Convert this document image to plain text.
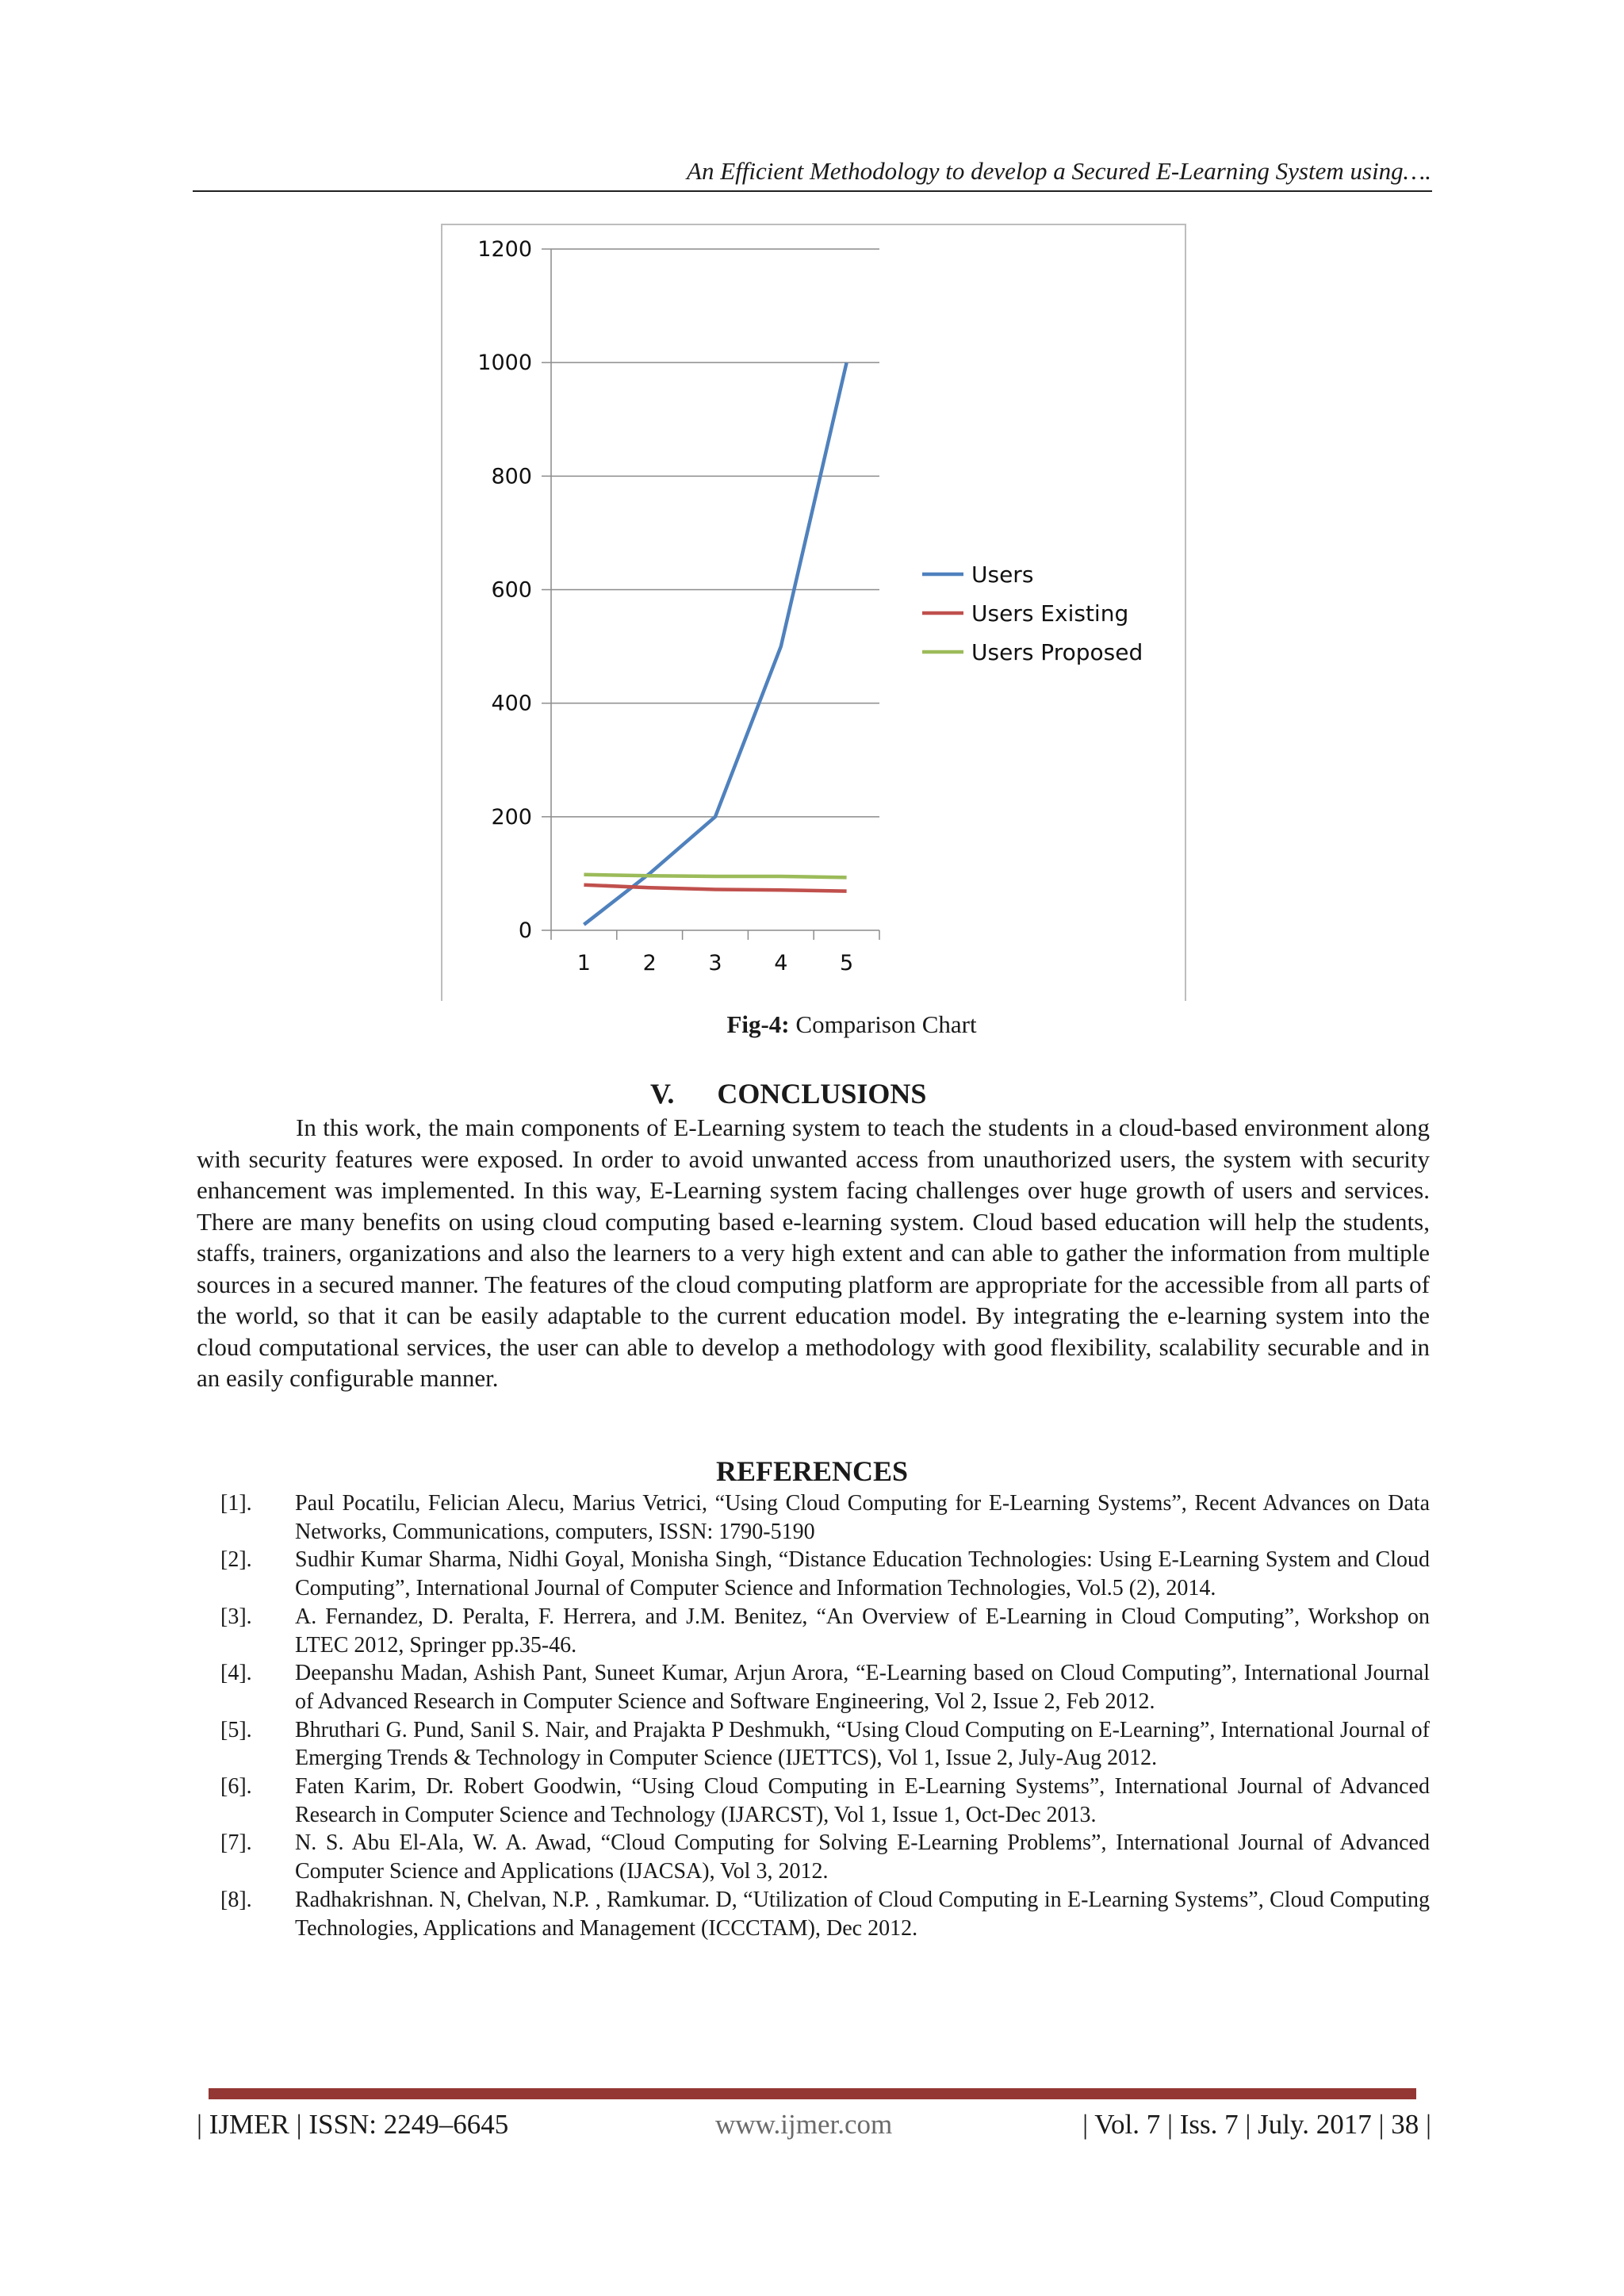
An Efficient Methodology to develop a Secured E-Learning System using….
0
200
400
600
800
1000
1200
1 2 3 4 5
Users
Users Existing
Users Proposed
Fig-4: Comparison Chart
V. CONCLUSIONS

In this work, the main components of E-Learning system to teach the students in a cloud-based environment along with security features were exposed. In order to avoid unwanted access from unauthorized users, the system with security enhancement was implemented. In this way, E-Learning system facing challenges over huge growth of users and services. There are many benefits on using cloud computing based e-learning system. Cloud based education will help the students, staffs, trainers, organizations and also the learners to a very high extent and can able to gather the information from multiple sources in a secured manner. The features of the cloud computing platform are appropriate for the accessible from all parts of the world, so that it can be easily adaptable to the current education model. By integrating the e-learning system into the cloud computational services, the user can able to develop a methodology with good flexibility, scalability securable and in an easily configurable manner.

REFERENCES
[1]. Paul Pocatilu, Felician Alecu, Marius Vetrici, “Using Cloud Computing for E-Learning Systems”, Recent Advances on Data Networks, Communications, computers, ISSN: 1790-5190
[2]. Sudhir Kumar Sharma, Nidhi Goyal, Monisha Singh, “Distance Education Technologies: Using E-Learning System and Cloud Computing”, International Journal of Computer Science and Information Technologies, Vol.5 (2), 2014.
[3]. A. Fernandez, D. Peralta, F. Herrera, and J.M. Benitez, “An Overview of E-Learning in Cloud Computing”, Workshop on LTEC 2012, Springer pp.35-46.
[4]. Deepanshu Madan, Ashish Pant, Suneet Kumar, Arjun Arora, “E-Learning based on Cloud Computing”, International Journal of Advanced Research in Computer Science and Software Engineering, Vol 2, Issue 2, Feb 2012.
[5]. Bhruthari G. Pund, Sanil S. Nair, and Prajakta P Deshmukh, “Using Cloud Computing on E-Learning”, International Journal of Emerging Trends & Technology in Computer Science (IJETTCS), Vol 1, Issue 2, July-Aug 2012.
[6]. Faten Karim, Dr. Robert Goodwin, “Using Cloud Computing in E-Learning Systems”, International Journal of Advanced Research in Computer Science and Technology (IJARCST), Vol 1, Issue 1, Oct-Dec 2013.
[7]. N. S. Abu El-Ala, W. A. Awad, “Cloud Computing for Solving E-Learning Problems”, International Journal of Advanced Computer Science and Applications (IJACSA), Vol 3, 2012.
[8]. Radhakrishnan. N, Chelvan, N.P. , Ramkumar. D, “Utilization of Cloud Computing in E-Learning Systems”, Cloud Computing Technologies, Applications and Management (ICCCTAM), Dec 2012.
| IJMER | ISSN: 2249–6645	www.ijmer.com	| Vol. 7 | Iss. 7 | July. 2017 | 38 |
